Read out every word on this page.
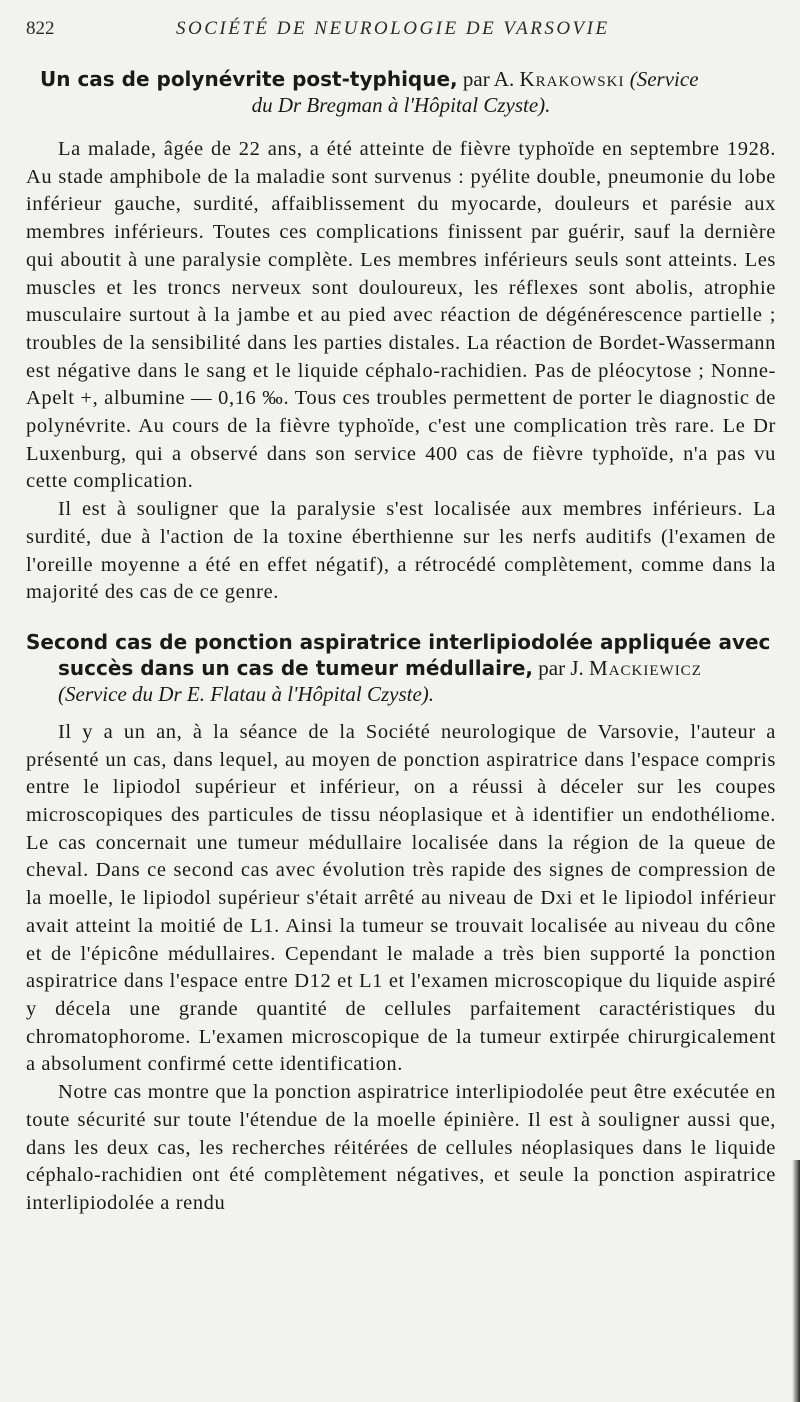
822	SOCIÉTÉ DE NEUROLOGIE DE VARSOVIE
Un cas de polynévrite post-typhique, par A. Krakowski (Service
du Dr Bregman à l'Hôpital Czyste).

La malade, âgée de 22 ans, a été atteinte de fièvre typhoïde en septembre 1928. Au stade amphibole de la maladie sont survenus : pyélite double, pneumonie du lobe inférieur gauche, surdité, affaiblissement du myocarde, douleurs et parésie aux membres inférieurs. Toutes ces complications finissent par guérir, sauf la dernière qui aboutit à une paralysie complète. Les membres inférieurs seuls sont atteints. Les muscles et les troncs nerveux sont douloureux, les réflexes sont abolis, atrophie musculaire surtout à la jambe et au pied avec réaction de dégénérescence partielle ; troubles de la sensibilité dans les parties distales. La réaction de Bordet-Wassermann est négative dans le sang et le liquide céphalo-rachidien. Pas de pléocytose ; Nonne-Apelt +, albumine — 0,16 ‰. Tous ces troubles permettent de porter le diagnostic de polynévrite. Au cours de la fièvre typhoïde, c'est une complication très rare. Le Dr Luxenburg, qui a observé dans son service 400 cas de fièvre typhoïde, n'a pas vu cette complication.

Il est à souligner que la paralysie s'est localisée aux membres inférieurs. La surdité, due à l'action de la toxine éberthienne sur les nerfs auditifs (l'examen de l'oreille moyenne a été en effet négatif), a rétrocédé complètement, comme dans la majorité des cas de ce genre.

Second cas de ponction aspiratrice interlipiodolée appliquée avec
succès dans un cas de tumeur médullaire, par J. Mackiewicz
(Service du Dr E. Flatau à l'Hôpital Czyste).

Il y a un an, à la séance de la Société neurologique de Varsovie, l'auteur a présenté un cas, dans lequel, au moyen de ponction aspiratrice dans l'espace compris entre le lipiodol supérieur et inférieur, on a réussi à déceler sur les coupes microscopiques des particules de tissu néoplasique et à identifier un endothéliome. Le cas concernait une tumeur médullaire localisée dans la région de la queue de cheval. Dans ce second cas avec évolution très rapide des signes de compression de la moelle, le lipiodol supérieur s'était arrêté au niveau de Dxi et le lipiodol inférieur avait atteint la moitié de L1. Ainsi la tumeur se trouvait localisée au niveau du cône et de l'épicône médullaires. Cependant le malade a très bien supporté la ponction aspiratrice dans l'espace entre D12 et L1 et l'examen microscopique du liquide aspiré y décela une grande quantité de cellules parfaitement caractéristiques du chromatophorome. L'examen microscopique de la tumeur extirpée chirurgicalement a absolument confirmé cette identification.

Notre cas montre que la ponction aspiratrice interlipiodolée peut être exécutée en toute sécurité sur toute l'étendue de la moelle épinière. Il est à souligner aussi que, dans les deux cas, les recherches réitérées de cellules néoplasiques dans le liquide céphalo-rachidien ont été complètement négatives, et seule la ponction aspiratrice interlipiodolée a rendu
